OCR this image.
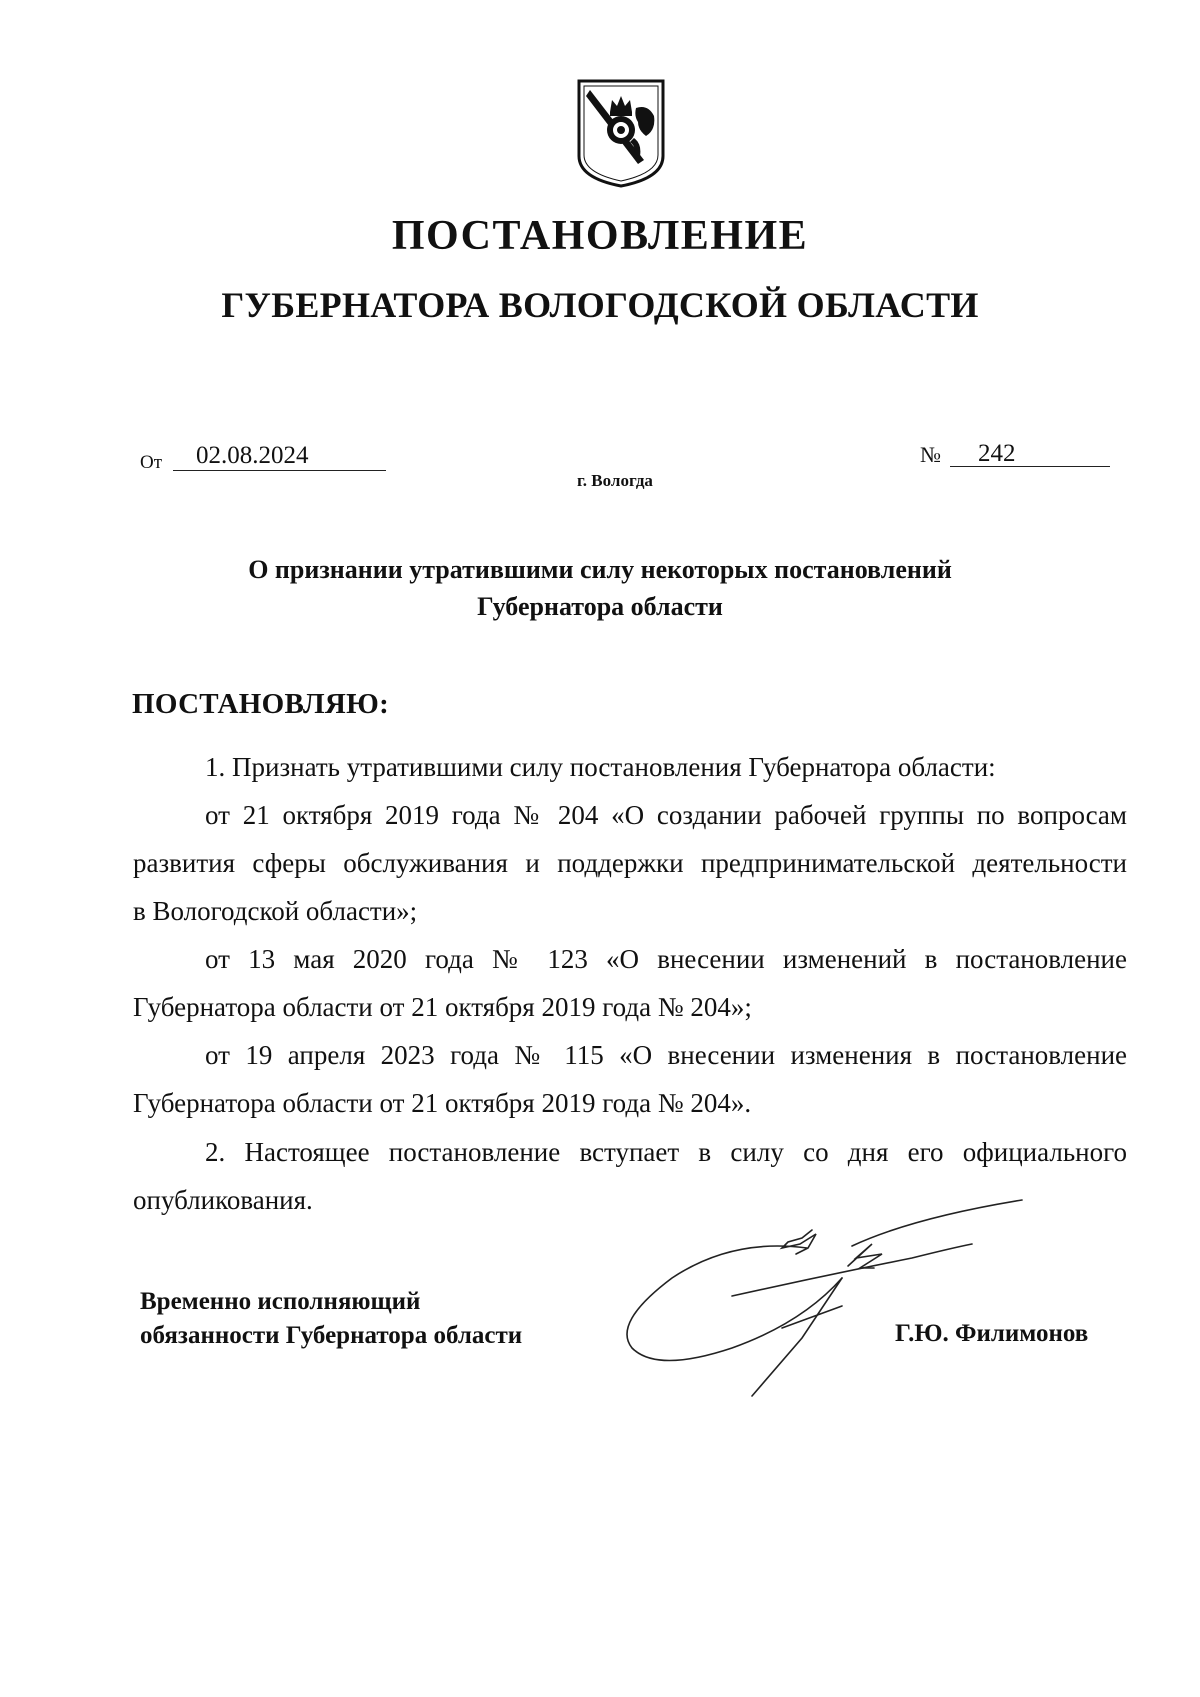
ПОСТАНОВЛЕНИЕ
ГУБЕРНАТОРА ВОЛОГОДСКОЙ ОБЛАСТИ
От 02.08.2024	№ 242
г. Вологда
О признании утратившими силу некоторых постановлений
Губернатора области
ПОСТАНОВЛЯЮ:
1. Признать утратившими силу постановления Губернатора области:
от 21 октября 2019 года № 204 «О создании рабочей группы по вопросам
развития сферы обслуживания и поддержки предпринимательской деятельности
в Вологодской области»;
от 13 мая 2020 года № 123 «О внесении изменений в постановление
Губернатора области от 21 октября 2019 года № 204»;
от 19 апреля 2023 года № 115 «О внесении изменения в постановление
Губернатора области от 21 октября 2019 года № 204».
2. Настоящее постановление вступает в силу со дня его официального
опубликования.
Временно исполняющий
обязанности Губернатора области	Г.Ю. Филимонов
